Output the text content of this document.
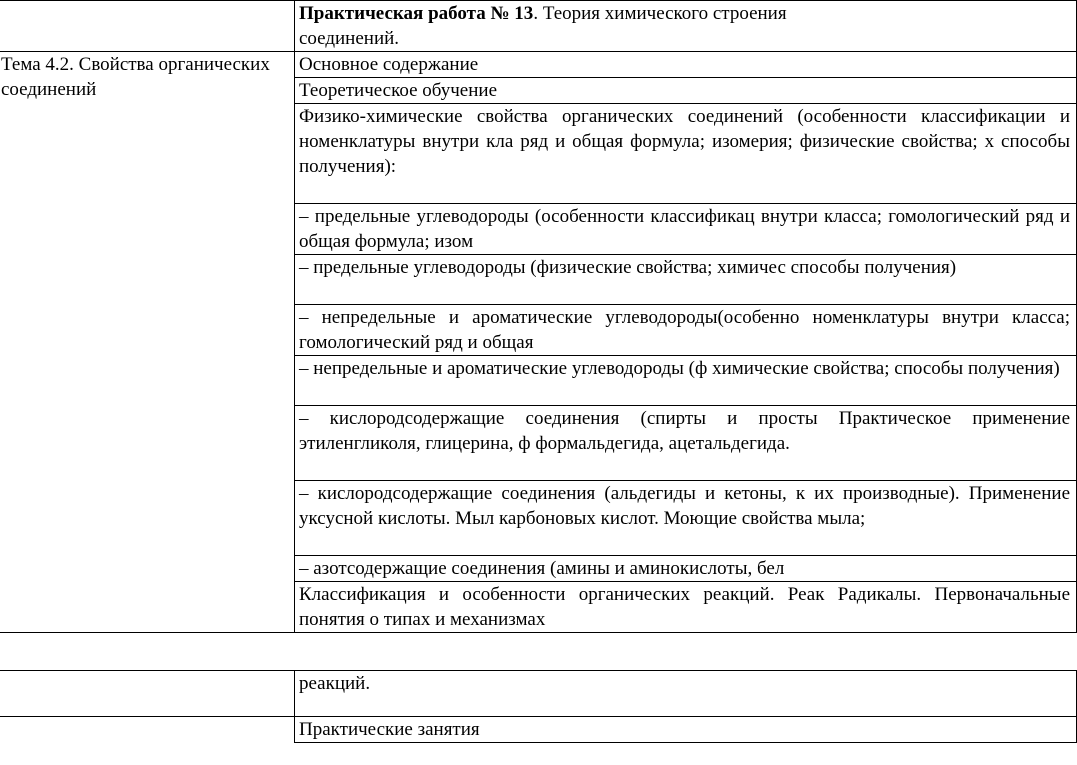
	Практическая работа № 13. Теория химического строения
соединений.

Тема 4.2. Свойства органических
соединений	Основное содержание
	Теоретическое обучение
	Физико-химические свойства органических соединений (особенности классификации и номенклатуры внутри кла ряд и общая формула; изомерия; физические свойства; х способы получения):
	– предельные углеводороды (особенности классификац внутри класса; гомологический ряд и общая формула; изом
	– предельные углеводороды (физические свойства; химичес способы получения)
	– непредельные и ароматические углеводороды(особенно номенклатуры внутри класса; гомологический ряд и общая
	– непредельные и ароматические углеводороды (ф химические свойства; способы получения)
	– кислородсодержащие соединения (спирты и просты Практическое применение этиленгликоля, глицерина, ф формальдегида, ацетальдегида.
	– кислородсодержащие соединения (альдегиды и кетоны, к их производные). Применение уксусной кислоты. Мыл карбоновых кислот. Моющие свойства мыла;
	– азотсодержащие соединения (амины и аминокислоты, бел
	Классификация и особенности органических реакций. Реак Радикалы. Первоначальные понятия о типах и механизмах
	реакций.
	Практические занятия
